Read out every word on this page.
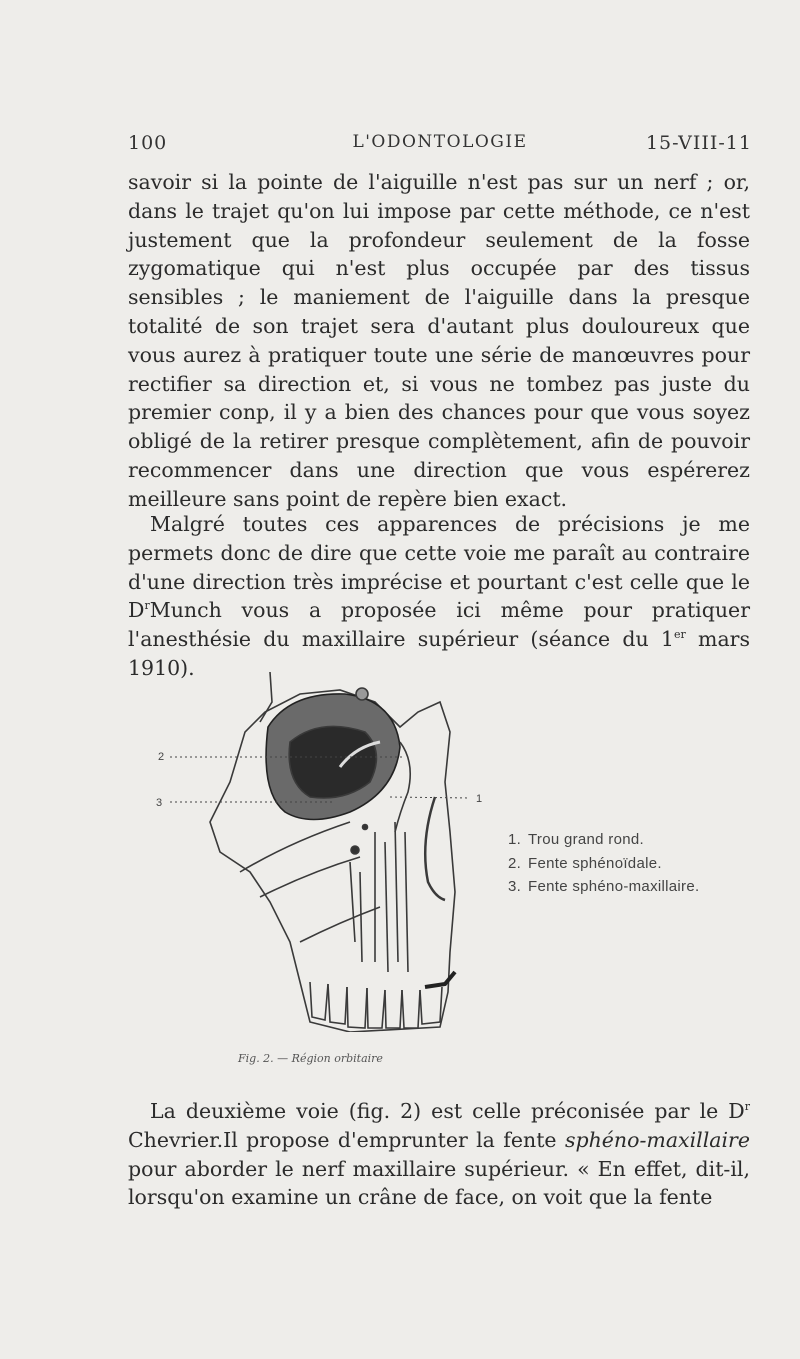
100	L'ODONTOLOGIE	15-VIII-11

savoir si la pointe de l'aiguille n'est pas sur un nerf ; or, dans le trajet qu'on lui impose par cette méthode, ce n'est justement que la profondeur seulement de la fosse zygomatique qui n'est plus occupée par des tissus sensibles ; le maniement de l'aiguille dans la presque totalité de son trajet sera d'autant plus douloureux que vous aurez à pratiquer toute une série de manœuvres pour rectifier sa direction et, si vous ne tombez pas juste du premier conp, il y a bien des chances pour que vous soyez obligé de la retirer presque complètement, afin de pouvoir recommencer dans une direction que vous espérerez meilleure sans point de repère bien exact.

Malgré toutes ces apparences de précisions je me permets donc de dire que cette voie me paraît au contraire d'une direction très imprécise et pourtant c'est celle que le $D^rMunch$ vous a proposée ici même pour pratiquer l'anesthésie du maxillaire supérieur (séance du 1er mars 1910).

2
3	1
Fig. 2. — Région orbitaire
1. Trou grand rond.
2. Fente sphénoïdale.
3. Fente sphéno-maxillaire.

La deuxième voie (fig. 2) est celle préconisée par le $D^r$ Chevrier.Il propose d'emprunter la fente sphéno-maxillaire pour aborder le nerf maxillaire supérieur. « En effet, dit-il, lorsqu'on examine un crâne de face, on voit que la fente
